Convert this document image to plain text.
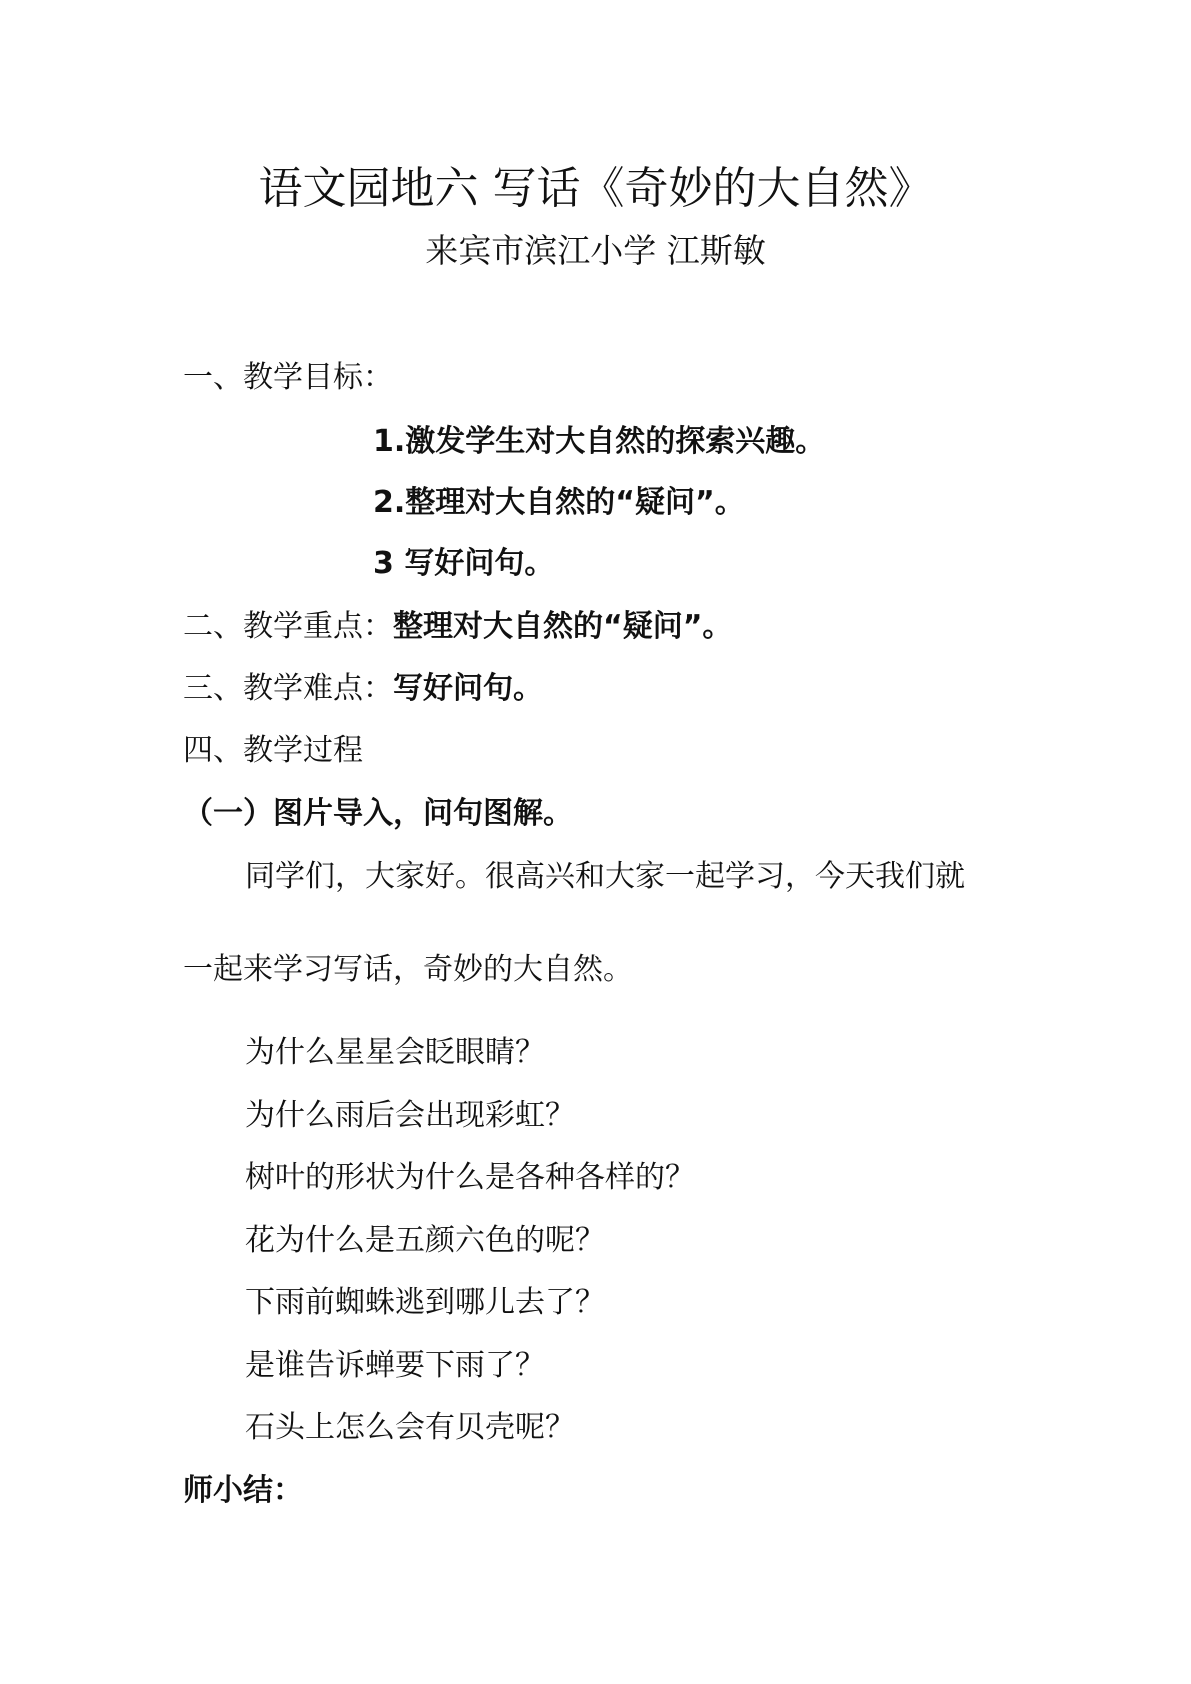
语文园地六 写话《奇妙的大自然》
来宾市滨江小学 江斯敏
一、教学目标：
1.激发学生对大自然的探索兴趣。
2.整理对大自然的“疑问”。
3 写好问句。
二、教学重点：整理对大自然的“疑问”。
三、教学难点：写好问句。
四、教学过程
（一）图片导入，问句图解。
同学们，大家好。很高兴和大家一起学习，今天我们就
一起来学习写话，奇妙的大自然。
为什么星星会眨眼睛？
为什么雨后会出现彩虹？
树叶的形状为什么是各种各样的？
花为什么是五颜六色的呢？
下雨前蜘蛛逃到哪儿去了？
是谁告诉蝉要下雨了？
石头上怎么会有贝壳呢？
师小结：
